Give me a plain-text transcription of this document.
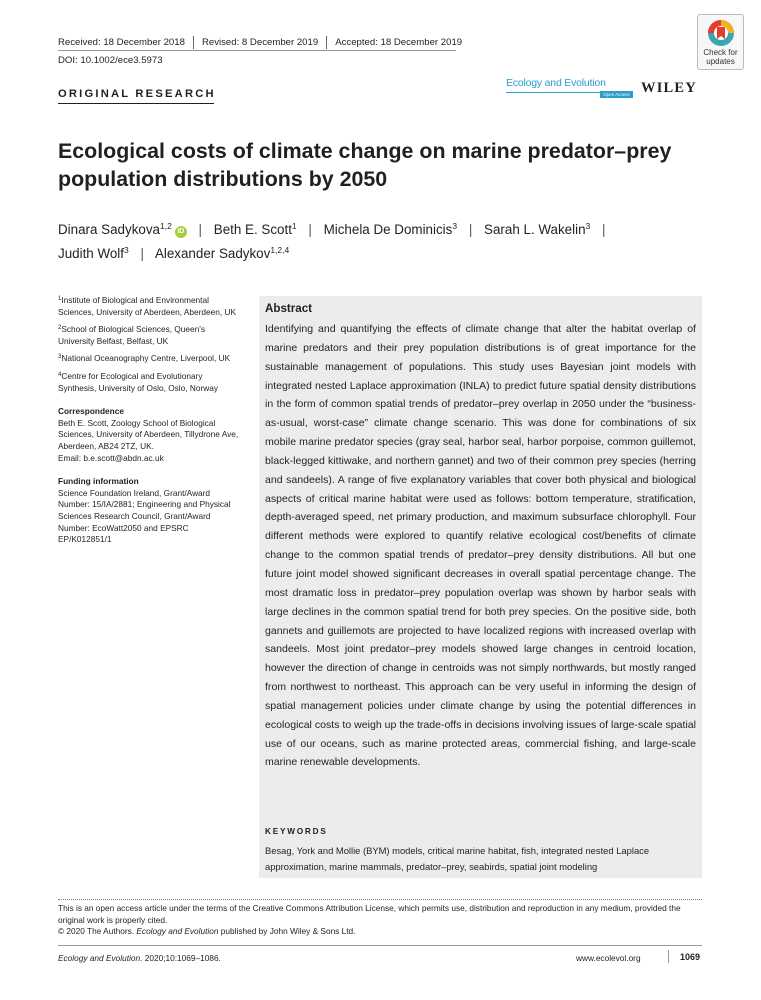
Received: 18 December 2018 Revised: 8 December 2019 Accepted: 18 December 2019
DOI: 10.1002/ece3.5973
Check for
updates
ORIGINAL RESEARCH
Ecology and Evolution
Open Access WILEY
Ecological costs of climate change on marine predator–prey population distributions by 2050
Dinara Sadykova$^{1,2}$iD | Beth E. Scott$^1$ | Michela De Dominicis$^3$ | Sarah L. Wakelin$^3$ |
Judith Wolf$^3$ | Alexander Sadykov$^{1,2,4}$
$^1$Institute of Biological and Environmental Sciences, University of Aberdeen, Aberdeen, UK
$^2$School of Biological Sciences, Queen's University Belfast, Belfast, UK
$^3$National Oceanography Centre, Liverpool, UK
$^4$Centre for Ecological and Evolutionary Synthesis, University of Oslo, Oslo, Norway
Correspondence
Beth E. Scott, Zoology School of Biological Sciences, University of Aberdeen, Tillydrone Ave, Aberdeen, AB24 2TZ, UK.
Email: b.e.scott@abdn.ac.uk
Funding information
Science Foundation Ireland, Grant/Award Number: 15/IA/2881; Engineering and Physical Sciences Research Council, Grant/Award Number: EcoWatt2050 and EPSRC EP/K012851/1
Abstract

Identifying and quantifying the effects of climate change that alter the habitat overlap of marine predators and their prey population distributions is of great importance for the sustainable management of populations. This study uses Bayesian joint models with integrated nested Laplace approximation (INLA) to predict future spatial density distributions in the form of common spatial trends of predator–prey overlap in 2050 under the “business-as-usual, worst-case” climate change scenario. This was done for combinations of six mobile marine predator species (gray seal, harbor seal, harbor porpoise, common guillemot, black-legged kittiwake, and northern gannet) and two of their common prey species (herring and sandeels). A range of five explanatory variables that cover both physical and biological aspects of critical marine habitat were used as follows: bottom temperature, stratification, depth-averaged speed, net primary production, and maximum subsurface chlorophyll. Four different methods were explored to quantify relative ecological cost/benefits of climate change to the common spatial trends of predator–prey density distributions. All but one future joint model showed significant decreases in overall spatial percentage change. The most dramatic loss in predator–prey population overlap was shown by harbor seals with large declines in the common spatial trend for both prey species. On the positive side, both gannets and guillemots are projected to have localized regions with increased overlap with sandeels. Most joint predator–prey models showed large changes in centroid location, however the direction of change in centroids was not simply northwards, but mostly ranged from northwest to northeast. This approach can be very useful in informing the design of spatial management policies under climate change by using the potential differences in ecological costs to weigh up the trade-offs in decisions involving issues of large-scale spatial use of our oceans, such as marine protected areas, commercial fishing, and large-scale marine renewable developments.

KEYWORDS
Besag, York and Mollie (BYM) models, critical marine habitat, fish, integrated nested Laplace approximation, marine mammals, predator–prey, seabirds, spatial joint modeling
This is an open access article under the terms of the Creative Commons Attribution License, which permits use, distribution and reproduction in any medium, provided the original work is properly cited.
© 2020 The Authors. Ecology and Evolution published by John Wiley & Sons Ltd.
Ecology and Evolution. 2020;10:1069–1086.	www.ecolevol.org	1069
